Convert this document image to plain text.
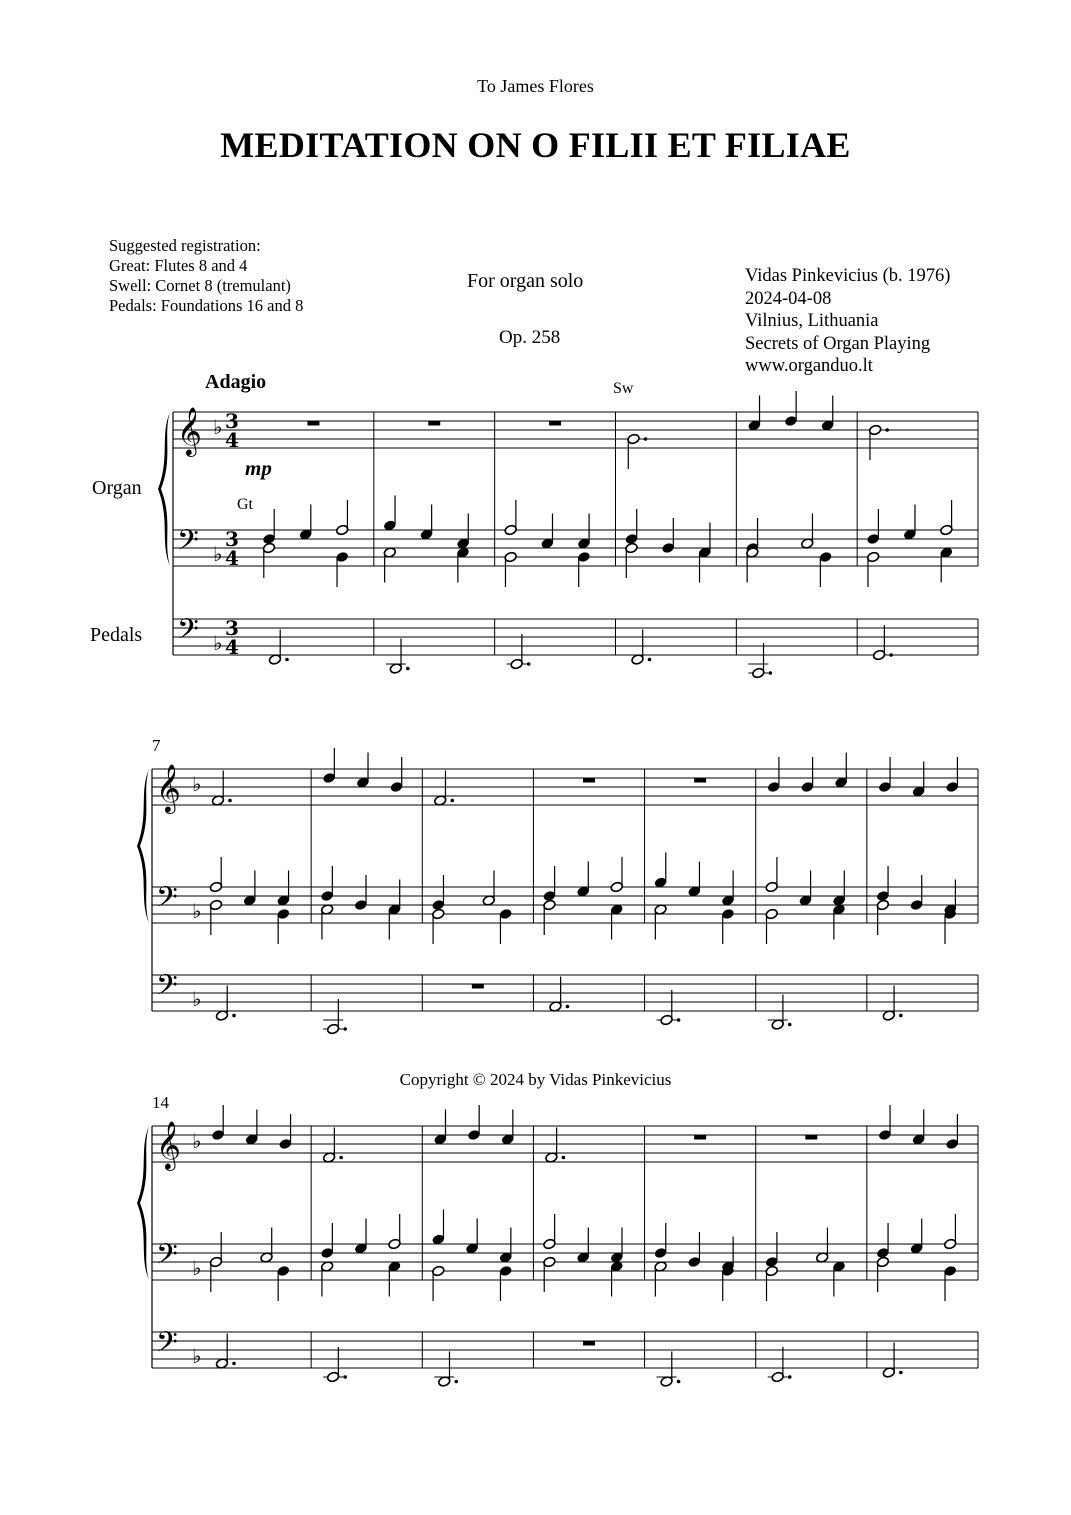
To James Flores
MEDITATION ON O FILII ET FILIAE
Suggested registration:
Great: Flutes 8 and 4
Swell: Cornet 8 (tremulant)
Pedals: Foundations 16 and 8
For organ solo
Op. 258
Vidas Pinkevicius (b. 1976)
2024-04-08
Vilnius, Lithuania
Secrets of Organ Playing
www.organduo.lt
𝄞
𝄢
𝄢
♭
♭
♭
3
4
3
4
3
4
𝄞
𝄢
𝄢
♭
♭
♭
7
𝄞
𝄢
𝄢
♭
♭
♭
14
Organ
Pedals
Adagio
mp
Sw
Gt
Copyright © 2024 by Vidas Pinkevicius
